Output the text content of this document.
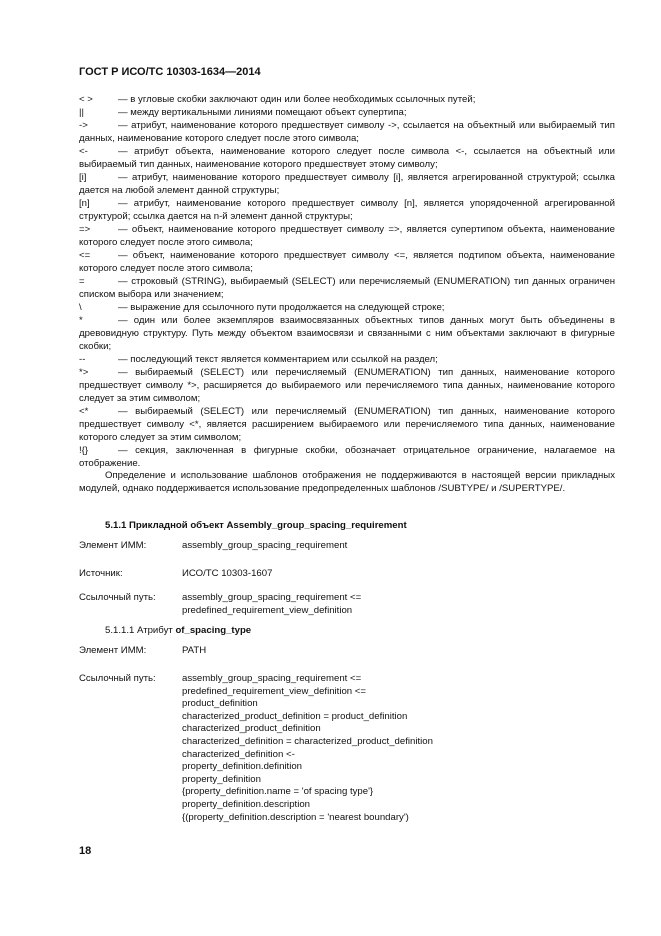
ГОСТ Р ИСО/ТС 10303-1634—2014
< >	— в угловые скобки заключают один или более необходимых ссылочных путей;
||	— между вертикальными линиями помещают объект супертипа;
->	— атрибут, наименование которого предшествует символу ->, ссылается на объектный или выбираемый тип данных, наименование которого следует после этого символа;
<-	— атрибут объекта, наименование которого следует после символа <-, ссылается на объектный или выбираемый тип данных, наименование которого предшествует этому символу;
[i]	— атрибут, наименование которого предшествует символу [i], является агрегированной структурой; ссылка дается на любой элемент данной структуры;
[n]	— атрибут, наименование которого предшествует символу [n], является упорядоченной агрегированной структурой; ссылка дается на n-й элемент данной структуры;
=>	— объект, наименование которого предшествует символу =>, является супертипом объекта, наименование которого следует после этого символа;
<=	— объект, наименование которого предшествует символу <=, является подтипом объекта, наименование которого следует после этого символа;
=	— строковый (STRING), выбираемый (SELECT) или перечисляемый (ENUMERATION) тип данных ограничен списком выбора или значением;
\	— выражение для ссылочного пути продолжается на следующей строке;
*	— один или более экземпляров взаимосвязанных объектных типов данных могут быть объединены в древовидную структуру. Путь между объектом взаимосвязи и связанными с ним объектами заключают в фигурные скобки;
--	— последующий текст является комментарием или ссылкой на раздел;
*>	— выбираемый (SELECT) или перечисляемый (ENUMERATION) тип данных, наименование которого предшествует символу *>, расширяется до выбираемого или перечисляемого типа данных, наименование которого следует за этим символом;
<*	— выбираемый (SELECT) или перечисляемый (ENUMERATION) тип данных, наименование которого предшествует символу <*, является расширением выбираемого или перечисляемого типа данных, наименование которого следует за этим символом;
!{}	— секция, заключенная в фигурные скобки, обозначает отрицательное ограничение, налагаемое на отображение.
Определение и использование шаблонов отображения не поддерживаются в настоящей версии прикладных модулей, однако поддерживается использование предопределенных шаблонов /SUBTYPE/ и /SUPERTYPE/.
5.1.1 Прикладной объект Assembly_group_spacing_requirement
Элемент ИММ:	assembly_group_spacing_requirement
Источник:	ИСО/ТС 10303-1607
Ссылочный путь:	assembly_group_spacing_requirement <=
predefined_requirement_view_definition
5.1.1.1 Атрибут of_spacing_type
Элемент ИММ:	PATH
Ссылочный путь:	assembly_group_spacing_requirement <=
predefined_requirement_view_definition <=
product_definition
characterized_product_definition = product_definition
characterized_product_definition
characterized_definition = characterized_product_definition
characterized_definition <-
property_definition.definition
property_definition
{property_definition.name = 'of spacing type'}
property_definition.description
{(property_definition.description = 'nearest boundary')
18
